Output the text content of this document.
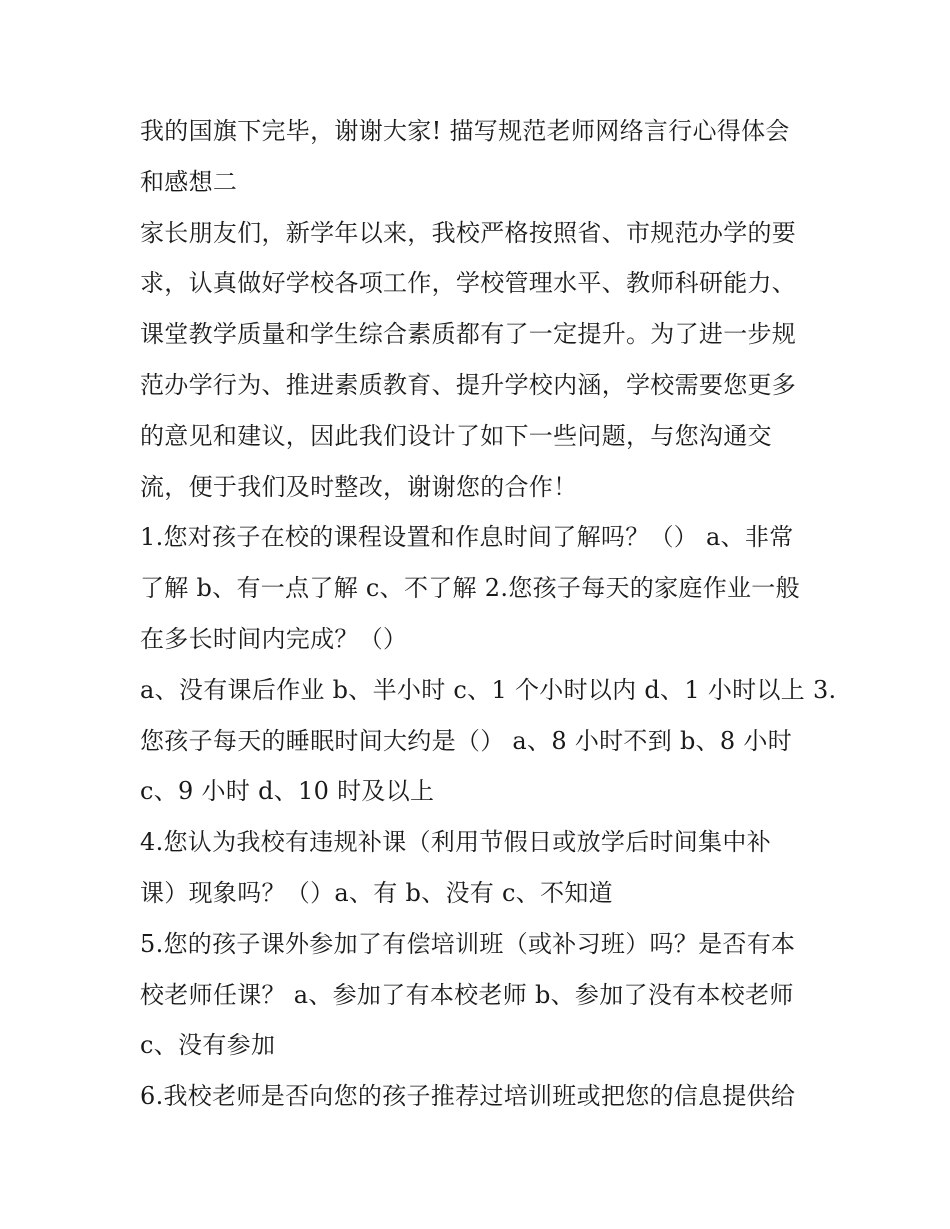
我的国旗下完毕，谢谢大家! 描写规范老师网络言行心得体会
和感想二
家长朋友们，新学年以来，我校严格按照省、市规范办学的要
求，认真做好学校各项工作，学校管理水平、教师科研能力、
课堂教学质量和学生综合素质都有了一定提升。为了进一步规
范办学行为、推进素质教育、提升学校内涵，学校需要您更多
的意见和建议，因此我们设计了如下一些问题，与您沟通交
流，便于我们及时整改，谢谢您的合作！
1.您对孩子在校的课程设置和作息时间了解吗？（） a、非常
了解 b、有一点了解 c、不了解 2.您孩子每天的家庭作业一般
在多长时间内完成？（）
a、没有课后作业 b、半小时 c、1 个小时以内 d、1 小时以上 3.
您孩子每天的睡眠时间大约是（） a、8 小时不到 b、8 小时
c、9 小时 d、10 时及以上
4.您认为我校有违规补课（利用节假日或放学后时间集中补
课）现象吗？（）a、有 b、没有 c、不知道
5.您的孩子课外参加了有偿培训班（或补习班）吗？是否有本
校老师任课？ a、参加了有本校老师 b、参加了没有本校老师
c、没有参加
6.我校老师是否向您的孩子推荐过培训班或把您的信息提供给
